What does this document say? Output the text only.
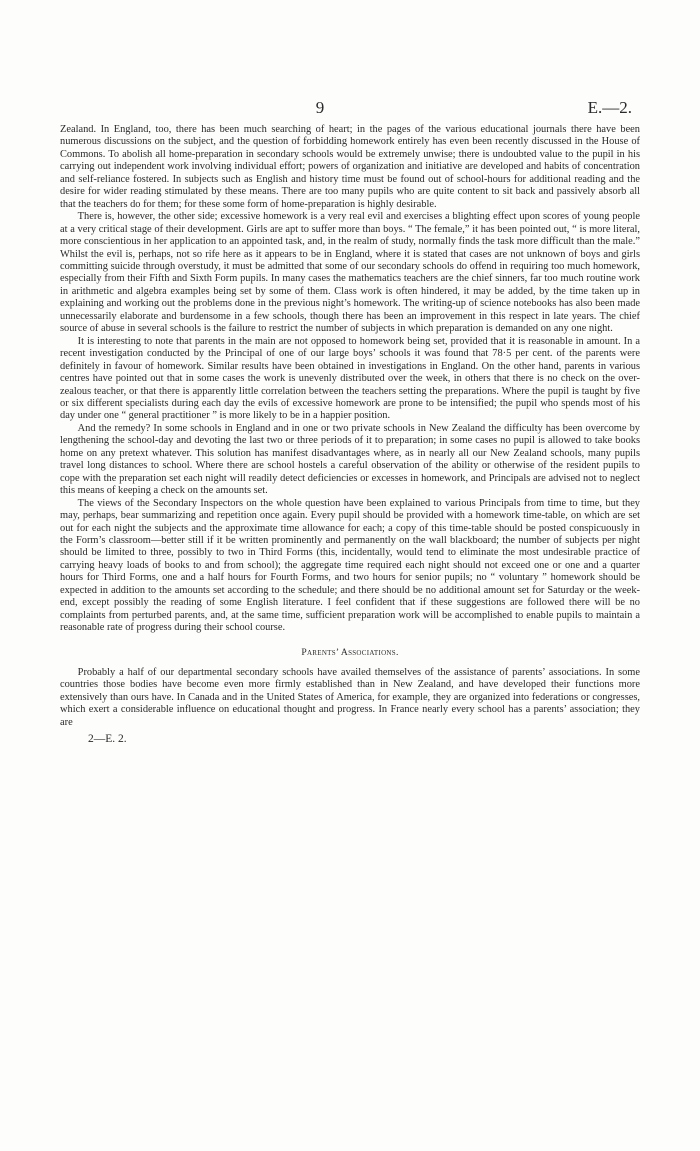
9	E.—2.

Zealand. In England, too, there has been much searching of heart; in the pages of the various educational journals there have been numerous discussions on the subject, and the question of forbidding homework entirely has even been recently discussed in the House of Commons. To abolish all home-preparation in secondary schools would be extremely unwise; there is undoubted value to the pupil in his carrying out independent work involving individual effort; powers of organization and initiative are developed and habits of concentration and self-reliance fostered. In subjects such as English and history time must be found out of school-hours for additional reading and the desire for wider reading stimulated by these means. There are too many pupils who are quite content to sit back and passively absorb all that the teachers do for them; for these some form of home-preparation is highly desirable.

There is, however, the other side; excessive homework is a very real evil and exercises a blighting effect upon scores of young people at a very critical stage of their development. Girls are apt to suffer more than boys. “ The female,” it has been pointed out, “ is more literal, more conscientious in her application to an appointed task, and, in the realm of study, normally finds the task more difficult than the male.” Whilst the evil is, perhaps, not so rife here as it appears to be in England, where it is stated that cases are not unknown of boys and girls committing suicide through overstudy, it must be admitted that some of our secondary schools do offend in requiring too much homework, especially from their Fifth and Sixth Form pupils. In many cases the mathematics teachers are the chief sinners, far too much routine work in arithmetic and algebra examples being set by some of them. Class work is often hindered, it may be added, by the time taken up in explaining and working out the problems done in the previous night’s homework. The writing-up of science notebooks has also been made unnecessarily elaborate and burdensome in a few schools, though there has been an improvement in this respect in late years. The chief source of abuse in several schools is the failure to restrict the number of subjects in which preparation is demanded on any one night.

It is interesting to note that parents in the main are not opposed to homework being set, provided that it is reasonable in amount. In a recent investigation conducted by the Principal of one of our large boys’ schools it was found that 78·5 per cent. of the parents were definitely in favour of homework. Similar results have been obtained in investigations in England. On the other hand, parents in various centres have pointed out that in some cases the work is unevenly distributed over the week, in others that there is no check on the over-zealous teacher, or that there is apparently little correlation between the teachers setting the preparations. Where the pupil is taught by five or six different specialists during each day the evils of excessive homework are prone to be intensified; the pupil who spends most of his day under one “ general practitioner ” is more likely to be in a happier position.

And the remedy? In some schools in England and in one or two private schools in New Zealand the difficulty has been overcome by lengthening the school-day and devoting the last two or three periods of it to preparation; in some cases no pupil is allowed to take books home on any pretext whatever. This solution has manifest disadvantages where, as in nearly all our New Zealand schools, many pupils travel long distances to school. Where there are school hostels a careful observation of the ability or otherwise of the resident pupils to cope with the preparation set each night will readily detect deficiencies or excesses in homework, and Principals are advised not to neglect this means of keeping a check on the amounts set.

The views of the Secondary Inspectors on the whole question have been explained to various Principals from time to time, but they may, perhaps, bear summarizing and repetition once again. Every pupil should be provided with a homework time-table, on which are set out for each night the subjects and the approximate time allowance for each; a copy of this time-table should be posted conspicuously in the Form’s classroom—better still if it be written prominently and permanently on the wall blackboard; the number of subjects per night should be limited to three, possibly to two in Third Forms (this, incidentally, would tend to eliminate the most undesirable practice of carrying heavy loads of books to and from school); the aggregate time required each night should not exceed one or one and a quarter hours for Third Forms, one and a half hours for Fourth Forms, and two hours for senior pupils; no “ voluntary ” homework should be expected in addition to the amounts set according to the schedule; and there should be no additional amount set for Saturday or the week-end, except possibly the reading of some English literature. I feel confident that if these suggestions are followed there will be no complaints from perturbed parents, and, at the same time, sufficient preparation work will be accomplished to enable pupils to maintain a reasonable rate of progress during their school course.

Parents’ Associations.

Probably a half of our departmental secondary schools have availed themselves of the assistance of parents’ associations. In some countries those bodies have become even more firmly established than in New Zealand, and have developed their functions more extensively than ours have. In Canada and in the United States of America, for example, they are organized into federations or congresses, which exert a considerable influence on educational thought and progress. In France nearly every school has a parents’ association; they are

2—E. 2.
